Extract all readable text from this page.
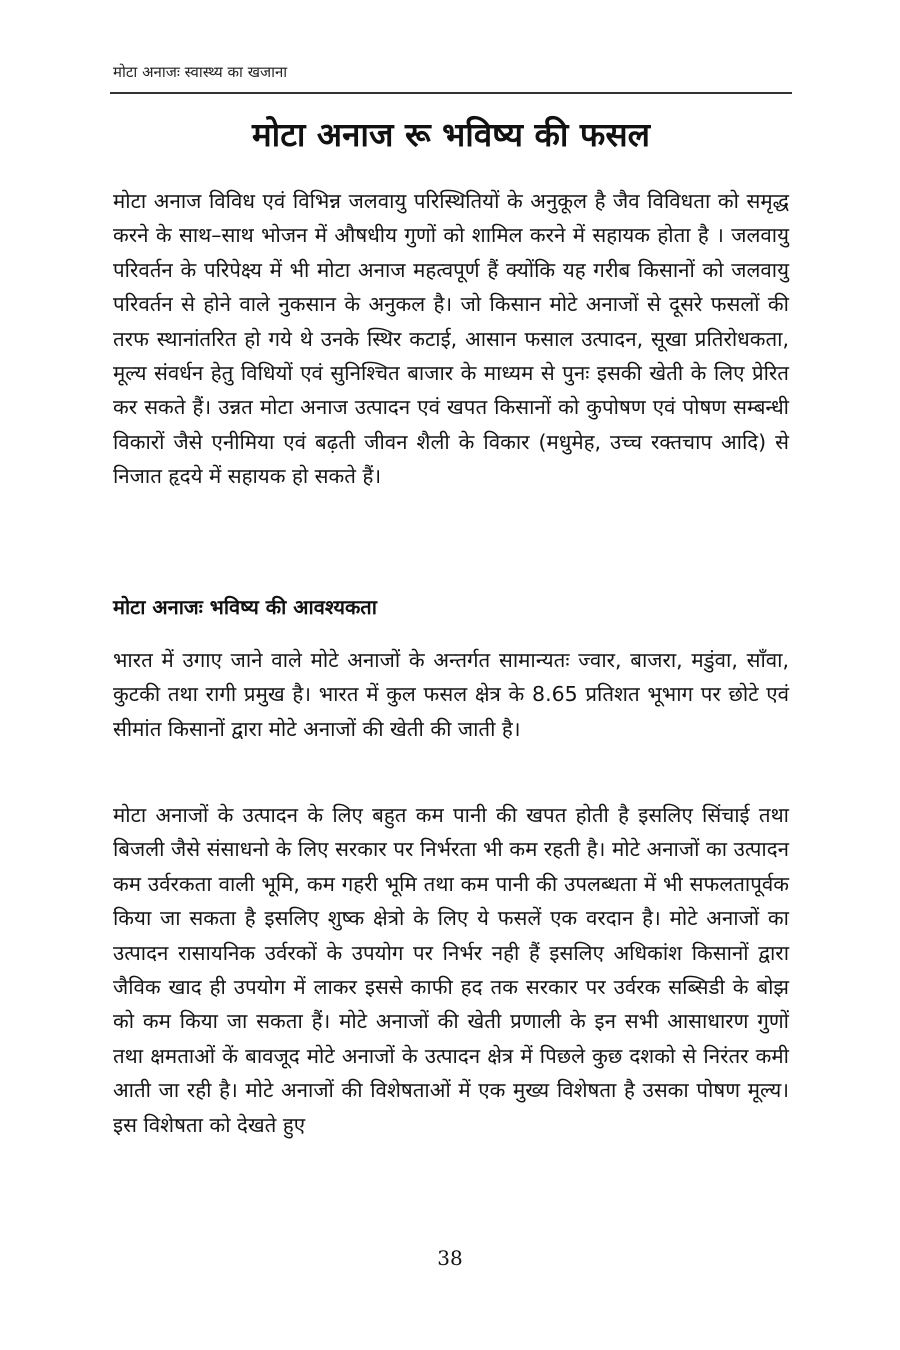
मोटा अनाजः स्वास्थ्य का खजाना
मोटा अनाज रू भविष्य की फसल

मोटा अनाज विविध एवं विभिन्न जलवायु परिस्थितियों के अनुकूल है जैव विविधता को समृद्ध करने के साथ–साथ भोजन में औषधीय गुणों को शामिल करने में सहायक होता है । जलवायु परिवर्तन के परिपेक्ष्य में भी मोटा अनाज महत्वपूर्ण हैं क्योंकि यह गरीब किसानों को जलवायु परिवर्तन से होने वाले नुकसान के अनुकल है। जो किसान मोटे अनाजों से दूसरे फसलों की तरफ स्थानांतरित हो गये थे उनके स्थिर कटाई, आसान फसाल उत्पादन, सूखा प्रतिरोधकता, मूल्य संवर्धन हेतु विधियों एवं सुनिश्चित बाजार के माध्यम से पुनः इसकी खेती के लिए प्रेरित कर सकते हैं। उन्नत मोटा अनाज उत्पादन एवं खपत किसानों को कुपोषण एवं पोषण सम्बन्धी विकारों जैसे एनीमिया एवं बढ़ती जीवन शैली के विकार (मधुमेह, उच्च रक्तचाप आदि) से निजात हृदये में सहायक हो सकते हैं।

मोटा अनाजः भविष्य की आवश्यकता

भारत में उगाए जाने वाले मोटे अनाजों के अन्तर्गत सामान्यतः ज्वार, बाजरा, मडुंवा, साँवा, कुटकी तथा रागी प्रमुख है। भारत में कुल फसल क्षेत्र के 8.65 प्रतिशत भूभाग पर छोटे एवं सीमांत किसानों द्वारा मोटे अनाजों की खेती की जाती है।

मोटा अनाजों के उत्पादन के लिए बहुत कम पानी की खपत होती है इसलिए सिंचाई तथा बिजली जैसे संसाधनो के लिए सरकार पर निर्भरता भी कम रहती है। मोटे अनाजों का उत्पादन कम उर्वरकता वाली भूमि, कम गहरी भूमि तथा कम पानी की उपलब्धता में भी सफलतापूर्वक किया जा सकता है इसलिए शुष्क क्षेत्रो के लिए ये फसलें एक वरदान है। मोटे अनाजों का उत्पादन रासायनिक उर्वरकों के उपयोग पर निर्भर नही हैं इसलिए अधिकांश किसानों द्वारा जैविक खाद ही उपयोग में लाकर इससे काफी हद तक सरकार पर उर्वरक सब्सिडी के बोझ को कम किया जा सकता हैं। मोटे अनाजों की खेती प्रणाली के इन सभी आसाधारण गुणों तथा क्षमताओं कें बावजूद मोटे अनाजों के उत्पादन क्षेत्र में पिछले कुछ दशको से निरंतर कमी आती जा रही है। मोटे अनाजों की विशेषताओं में एक मुख्य विशेषता है उसका पोषण मूल्य। इस विशेषता को देखते हुए

38
